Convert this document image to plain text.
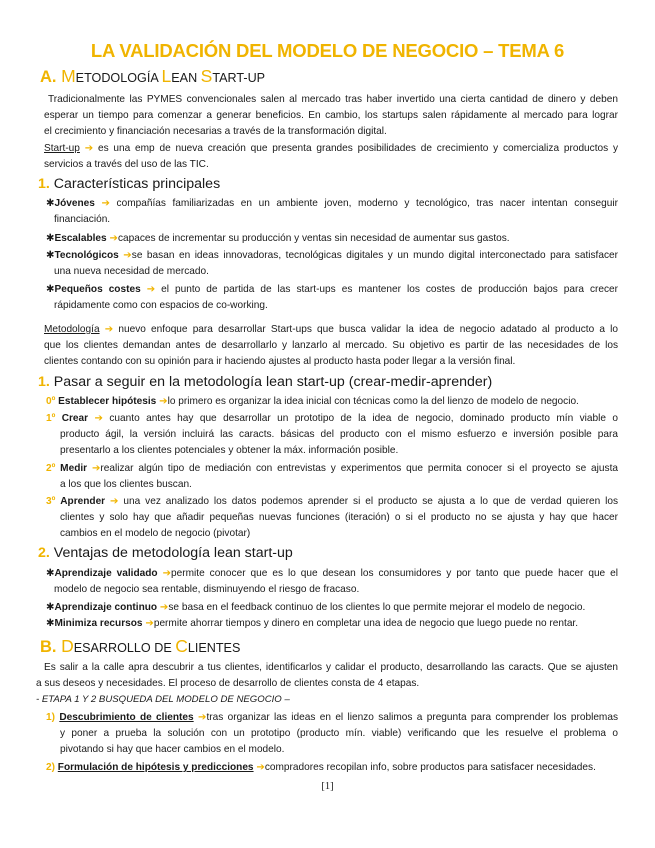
LA VALIDACIÓN DEL MODELO DE NEGOCIO – TEMA 6
A. METODOLOGÍA LEAN START-UP
Tradicionalmente las PYMES convencionales salen al mercado tras haber invertido una cierta cantidad de dinero y deben
esperar un tiempo para comenzar a generar beneficios. En cambio, los startups salen rápidamente al mercado para lograr
el crecimiento y financiación necesarias a través de la transformación digital.
Start-up ➔ es una emp de nueva creación que presenta grandes posibilidades de crecimiento y comercializa productos y
servicios a través del uso de las TIC.
1. Características principales
✱Jóvenes ➔ compañías familiarizadas en un ambiente joven, moderno y tecnológico, tras nacer intentan conseguir
financiación.
✱Escalables ➔capaces de incrementar su producción y ventas sin necesidad de aumentar sus gastos.
✱Tecnológicos ➔se basan en ideas innovadoras, tecnológicas digitales y un mundo digital interconectado para satisfacer
una nueva necesidad de mercado.
✱Pequeños costes ➔ el punto de partida de las start-ups es mantener los costes de producción bajos para crecer
rápidamente como con espacios de co-working.
Metodología ➔ nuevo enfoque para desarrollar Start-ups que busca validar la idea de negocio adatado al producto a lo
que los clientes demandan antes de desarrollarlo y lanzarlo al mercado. Su objetivo es partir de las necesidades de los
clientes contando con su opinión para ir haciendo ajustes al producto hasta poder llegar a la versión final.
1. Pasar a seguir en la metodología lean start-up (crear-medir-aprender)
0º Establecer hipótesis ➔lo primero es organizar la idea inicial con técnicas como la del lienzo de modelo de negocio.
1º Crear ➔ cuanto antes hay que desarrollar un prototipo de la idea de negocio, dominado producto mín viable o
producto ágil, la versión incluirá las caracts. básicas del producto con el mismo esfuerzo e inversión posible para
presentarlo a los clientes potenciales y obtener la máx. información posible.
2º Medir ➔realizar algún tipo de mediación con entrevistas y experimentos que permita conocer si el proyecto se ajusta
a los que los clientes buscan.
3º Aprender ➔ una vez analizado los datos podemos aprender si el producto se ajusta a lo que de verdad quieren los
clientes y solo hay que añadir pequeñas nuevas funciones (iteración) o si el producto no se ajusta y hay que hacer
cambios en el modelo de negocio (pivotar)
2. Ventajas de metodología lean start-up
✱Aprendizaje validado ➔permite conocer que es lo que desean los consumidores y por tanto que puede hacer que el
modelo de negocio sea rentable, disminuyendo el riesgo de fracaso.
✱Aprendizaje continuo ➔se basa en el feedback continuo de los clientes lo que permite mejorar el modelo de negocio.
✱Minimiza recursos ➔permite ahorrar tiempos y dinero en completar una idea de negocio que luego puede no rentar.
B. DESARROLLO DE CLIENTES
Es salir a la calle apra descubrir a tus clientes, identificarlos y calidar el producto, desarrollando las caracts. Que se ajusten
a sus deseos y necesidades. El proceso de desarrollo de clientes consta de 4 etapas.
- ETAPA 1 Y 2 BUSQUEDA DEL MODELO DE NEGOCIO –
1) Descubrimiento de clientes ➔tras organizar las ideas en el lienzo salimos a pregunta para comprender los problemas
y poner a prueba la solución con un prototipo (producto mín. viable) verificando que les resuelve el problema o
pivotando si hay que hacer cambios en el modelo.
2) Formulación de hipótesis y predicciones ➔compradores recopilan info, sobre productos para satisfacer necesidades.
[1]
